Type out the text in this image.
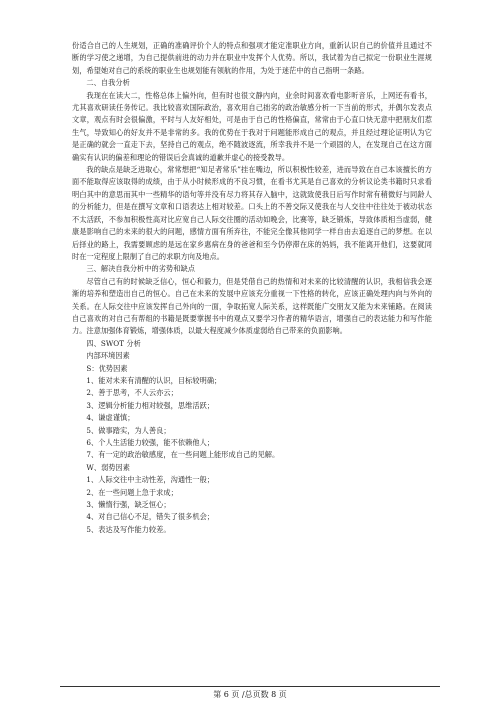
份适合自己的人生规划，正确的准确评价个人的特点和强项才能定准职业方向，重新认识自己的价值并且通过不断的学习使之递增，为自己提供前进的动力并在职业中发挥个人优势。所以，我试着为自己拟定一份职业生涯规划，希望她对自己的系统的职业生也规划能有领航的作用，为处于迷茫中的自己指明一条路。

二、自我分析

我现在在读大二，性格总体上偏外向，但有时也很文静内向，业余时间喜欢看电影听音乐，上网还有看书，尤其喜欢研读任务传记。我比较喜欢国际政治，喜欢用自己拙劣的政治敏感分析一下当前的形式，并偶尔发表点文章，观点有时会很偏激，平时与人友好相处，可是由于自己的性格偏直，常常由于心直口快无意中把朋友们惹生气，导致知心的好友并不是非常的多。我的优势在于我对于问题能形成自己的观点，并且经过理论证明认为它是正确的就会一直走下去，坚持自己的观点，绝不随波逐流，所幸我并不是一个顽固的人，在发现自己在这方面确实有认识的偏差和理论的错误后会真诚的道歉并虚心的接受教导。

我的缺点是缺乏进取心，常常想把“知足者常乐”挂在嘴边，所以积极性较差，进而导致在自己本该擅长的方面不能取得应该取得的成绩，由于从小时候形成的不良习惯，在看书尤其是自己喜欢的分析议论类书籍时只求看明白其中的意思而其中一些精华的语句等并没有尽力将其存入脑中，这就致使我日后写作时常有稍微好与同龄人的分析能力，但是在撰写文章和口语表达上相对较差。口头上的不善交际又使我在与人交往中往往处于被动状态 不太活跃，不参加积极性高对比应宽自己人际交往圈的活动如晚会，比赛等，缺乏锻炼，导致体质相当虚弱，健康是影响自己的未来的很大的问题，感情方面有所弃往，不能完全像其他同学一样自由去追逐自己的梦想。在以后择业的路上，我需要顾虑的是远在家乡惠病在身的爸爸和至今仍停滞在床的妈妈，我不能离开他们，这要就同时在一定程度上限制了自己的求职方向及地点。

三、解决自我分析中的劣势和缺点

尽管自己有的时候缺乏信心，恒心和毅力，但是凭借自己的热情和对未来的比较清醒的认识，我相信我会逐渐的培养和塑造出自己的恒心。自己在未来的发展中应该充分重视一下性格的转化，应该正确处理内向与外向的关系。在人际交往中应该发挥自己外向的一面，争取拓宽人际关系，这样既能广交朋友又能为未来铺路。在阅读自己喜欢的对自己有帮组的书籍是既要掌握书中的观点又要学习作者的精华语言，增强自己的表达能力和写作能力。注意加强体育锻炼，增强体质，以最大程度减少体质虚弱给自己带来的负面影响。

四、SWOT 分析

内部环境因素

S：优势因素

1、能对未来有清醒的认识，目标较明确；
2、善于思考，不人云亦云；
3、逻辑分析能力相对较强，思维活跃；
4、谦虚谨慎；
5、做事踏实，为人善良；
6、个人生活能力较强，能不依赖他人；
7、有一定的政治敏感度，在一些问题上能形成自己的见解。

W、弱势因素

1、人际交往中主动性差，沟通性一般；
2、在一些问题上急于求成；
3、懒惰行强，缺乏恒心；
4、对自己信心不足，错失了很多机会；
5、表达及写作能力较差。
第 6 页 /总页数 8 页
